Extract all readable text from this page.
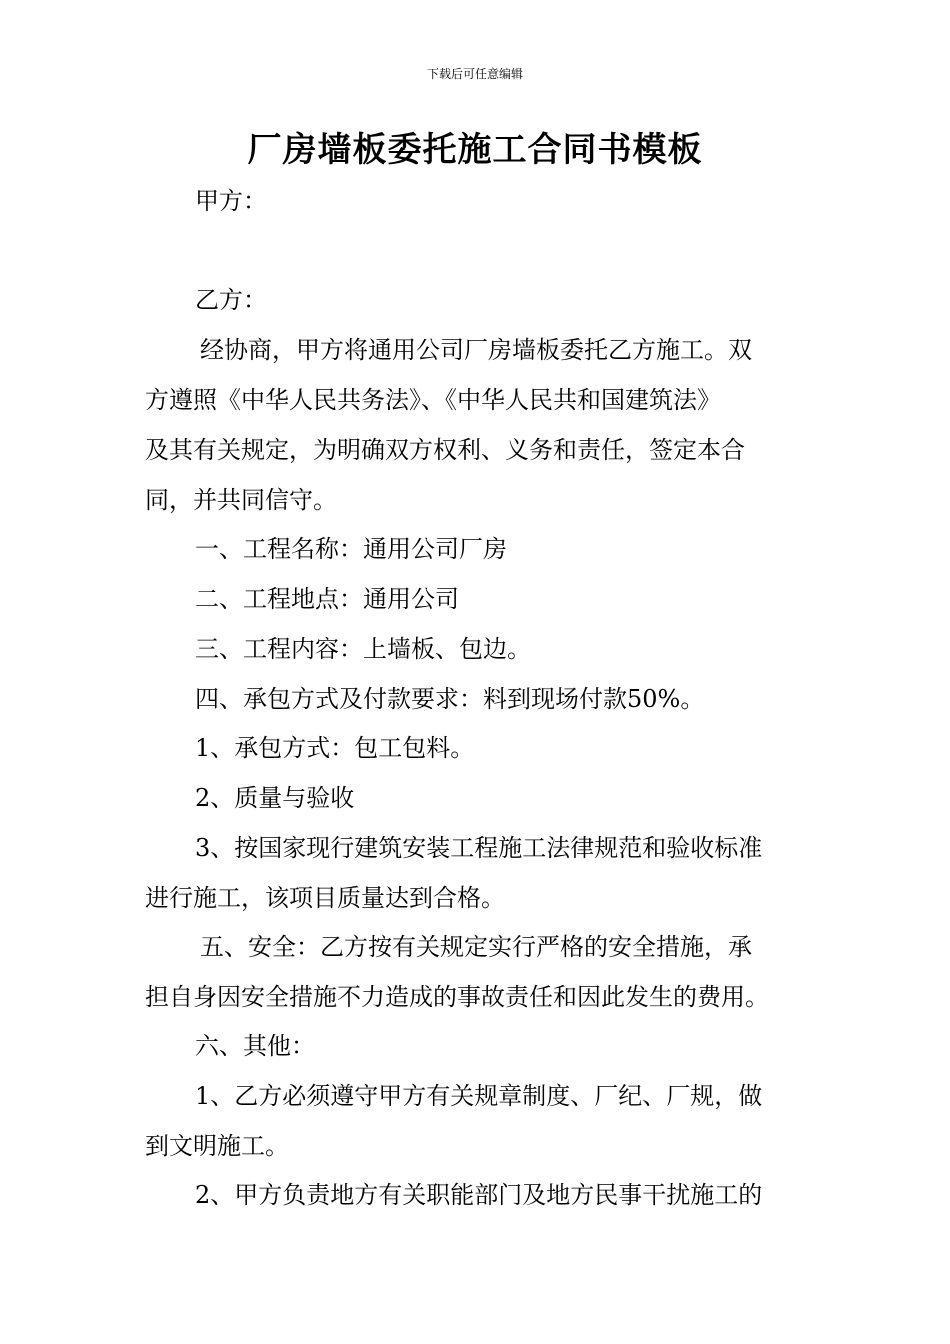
下载后可任意编辑
厂房墙板委托施工合同书模板

甲方：

乙方：

经协商，甲方将通用公司厂房墙板委托乙方施工。双
方遵照《中华人民共务法》、《中华人民共和国建筑法》
及其有关规定，为明确双方权利、义务和责任，签定本合
同，并共同信守。

一、工程名称：通用公司厂房

二、工程地点：通用公司

三、工程内容：上墙板、包边。

四、承包方式及付款要求：料到现场付款50%。

1、承包方式：包工包料。

2、质量与验收

3、按国家现行建筑安装工程施工法律规范和验收标准
进行施工，该项目质量达到合格。
五、安全：乙方按有关规定实行严格的安全措施，承
担自身因安全措施不力造成的事故责任和因此发生的费用。

六、其他：

1、乙方必须遵守甲方有关规章制度、厂纪、厂规，做
到文明施工。
2、甲方负责地方有关职能部门及地方民事干扰施工的
